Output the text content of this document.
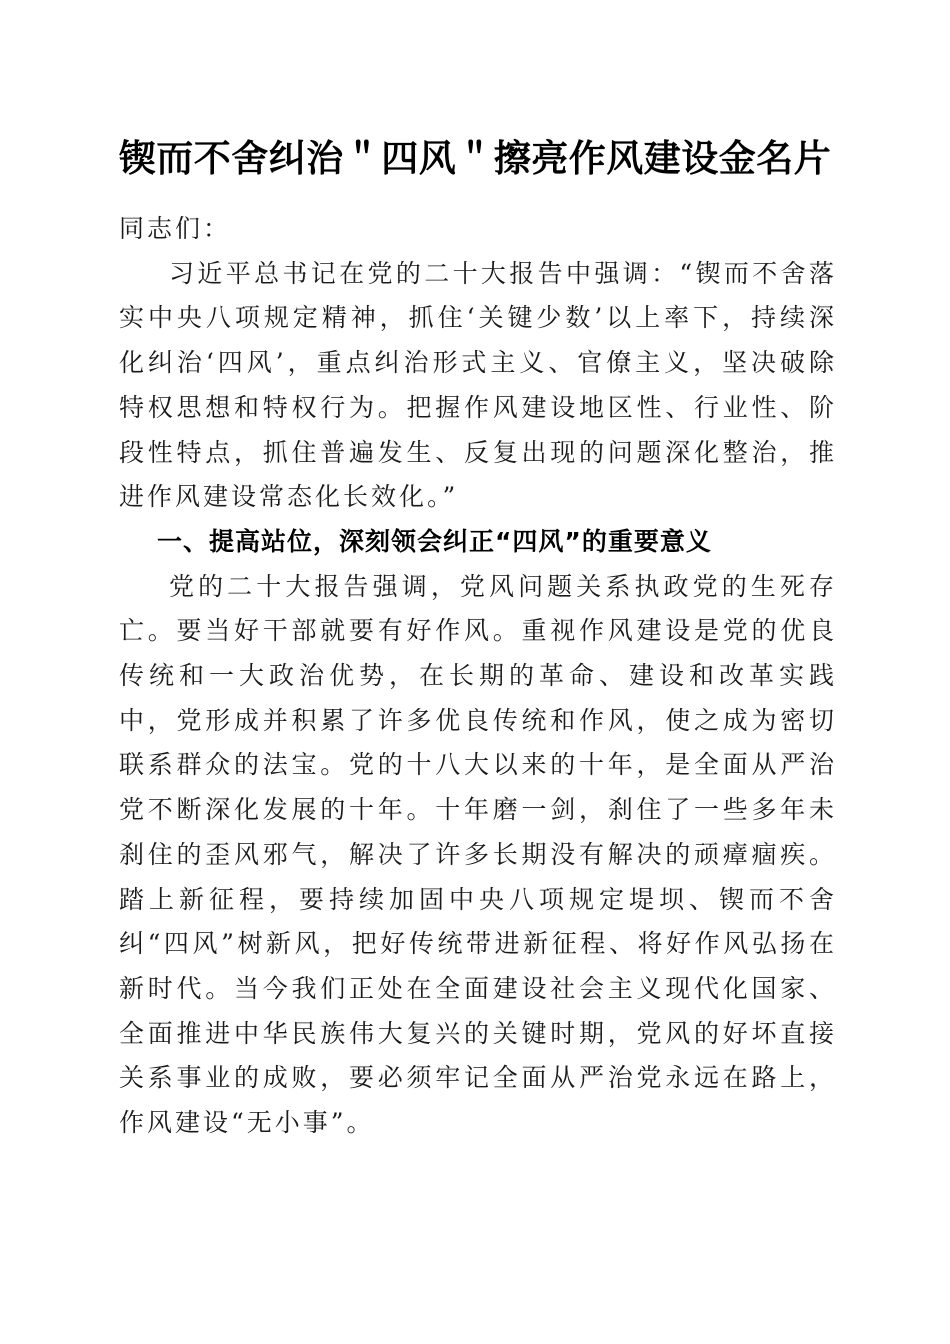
锲而不舍纠治＂四风＂擦亮作风建设金名片

同志们：

习近平总书记在党的二十大报告中强调：“锲而不舍落实中央八项规定精神，抓住‘关键少数’以上率下，持续深化纠治‘四风’，重点纠治形式主义、官僚主义，坚决破除特权思想和特权行为。把握作风建设地区性、行业性、阶段性特点，抓住普遍发生、反复出现的问题深化整治，推进作风建设常态化长效化。”

一、提高站位，深刻领会纠正“四风”的重要意义

党的二十大报告强调，党风问题关系执政党的生死存亡。要当好干部就要有好作风。重视作风建设是党的优良传统和一大政治优势，在长期的革命、建设和改革实践中，党形成并积累了许多优良传统和作风，使之成为密切联系群众的法宝。党的十八大以来的十年，是全面从严治党不断深化发展的十年。十年磨一剑，刹住了一些多年未刹住的歪风邪气，解决了许多长期没有解决的顽瘴痼疾。踏上新征程，要持续加固中央八项规定堤坝、锲而不舍纠“四风”树新风，把好传统带进新征程、将好作风弘扬在新时代。当今我们正处在全面建设社会主义现代化国家、全面推进中华民族伟大复兴的关键时期，党风的好坏直接关系事业的成败，要必须牢记全面从严治党永远在路上，作风建设“无小事”。
